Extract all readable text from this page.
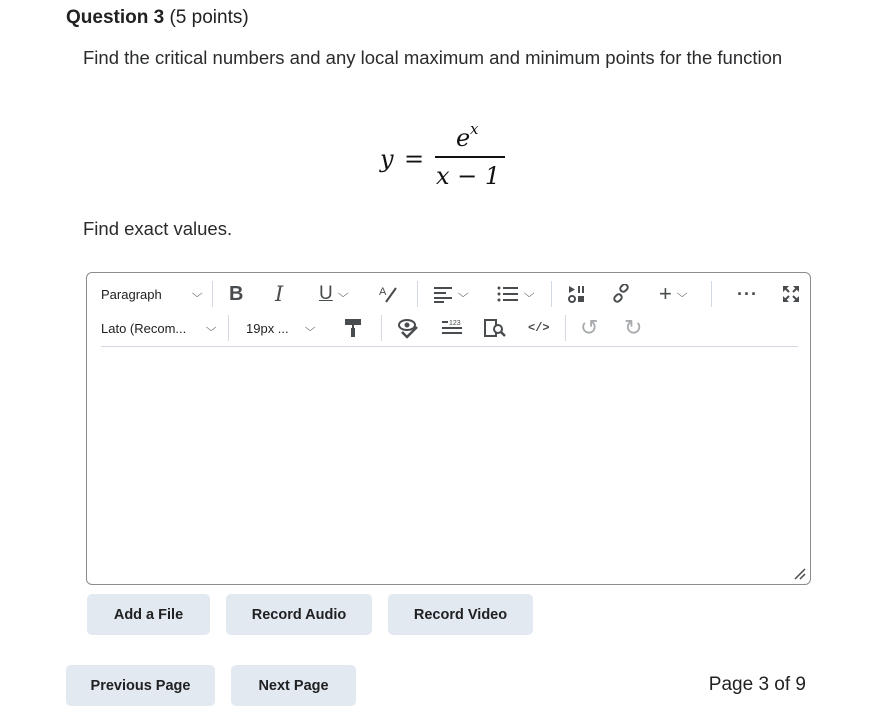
Question 3 (5 points)
Find the critical numbers and any local maximum and minimum points for the function
y =
e x
x − 1
Find exact values.
Paragraph	⌵ B I U ⌵	A	⌵	⌵	+ ⌵	···
Lato (Recom... ⌵ 19px ... ⌵	123	</> ↺ ↻
Add a File	Record Audio	Record Video
Previous Page	Next Page	Page 3 of 9
